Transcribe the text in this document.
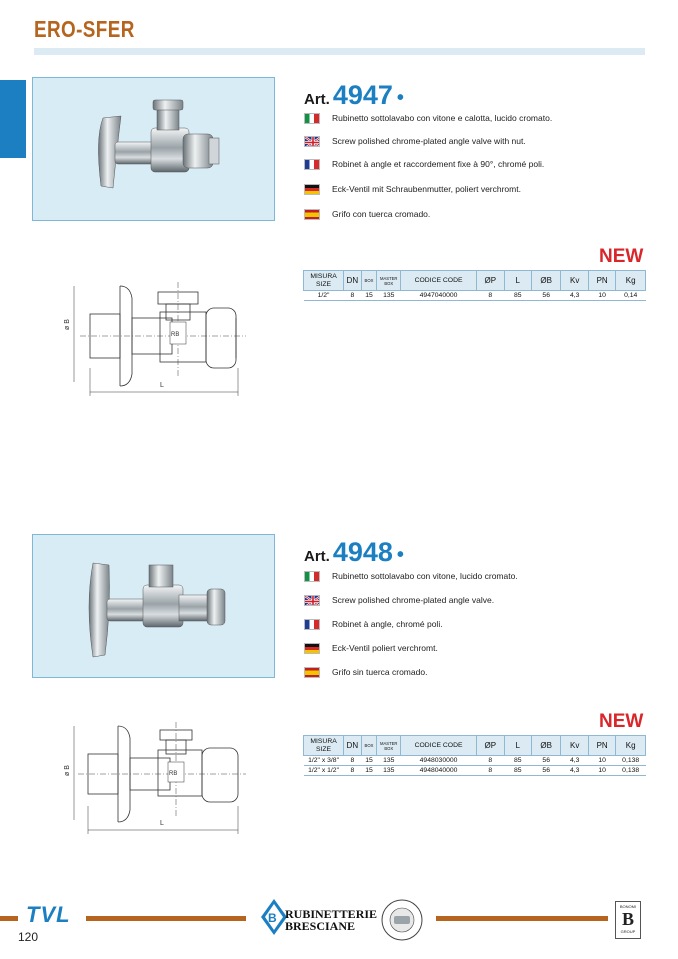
ERO-SFER
Art. 4947 •
Rubinetto sottolavabo con vitone e calotta, lucido cromato.
Screw polished chrome-plated angle valve with nut.
Robinet à angle et raccordement fixe à 90°, chromé poli.
Eck-Ventil mit Schraubenmutter, poliert verchromt.
Grifo con tuerca cromado.
NEW
MISURA SIZE	DN	BOX	MASTER BOX	CODICE CODE	ØP	L	ØB	Kv	PN	Kg
1/2"	8	15	135	4947040000	8	85	56	4,3	10	0,14
RB
ø B
L
Art. 4948 •
Rubinetto sottolavabo con vitone, lucido cromato.
Screw polished chrome-plated angle valve.
Robinet à angle, chromé poli.
Eck-Ventil poliert verchromt.
Grifo sin tuerca cromado.
NEW
MISURA SIZE	DN	BOX	MASTER BOX	CODICE CODE	ØP	L	ØB	Kv	PN	Kg
1/2" x 3/8"	8	15	135	4948030000	8	85	56	4,3	10	0,138
1/2" x 1/2"	8	15	135	4948040000	8	85	56	4,3	10	0,138
RB
ø B
L
TVL	B RUBINETTERIE
BRESCIANE
BONOMI
B
GROUP
120
